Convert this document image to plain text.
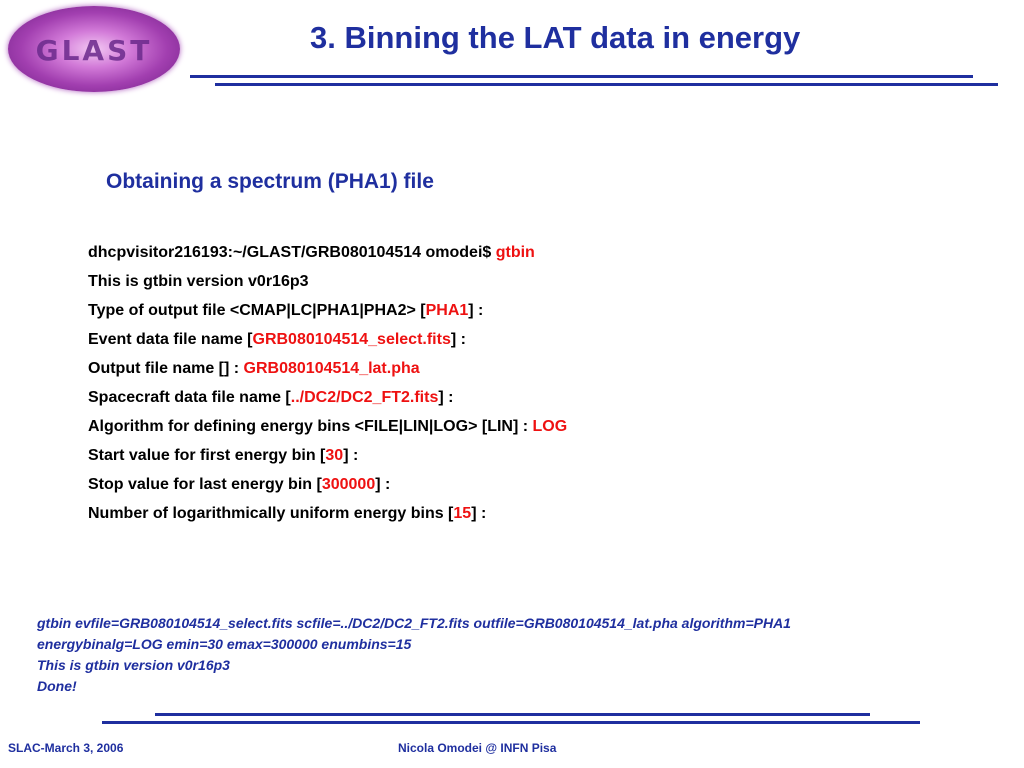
GLAST	3. Binning the LAT data in energy
Obtaining a spectrum (PHA1) file
dhcpvisitor216193:~/GLAST/GRB080104514 omodei$ gtbin
This is gtbin version v0r16p3
Type of output file <CMAP|LC|PHA1|PHA2> [PHA1] :
Event data file name [GRB080104514_select.fits] :
Output file name [] : GRB080104514_lat.pha
Spacecraft data file name [../DC2/DC2_FT2.fits] :
Algorithm for defining energy bins <FILE|LIN|LOG> [LIN] : LOG
Start value for first energy bin [30] :
Stop value for last energy bin [300000] :
Number of logarithmically uniform energy bins [15] :
gtbin evfile=GRB080104514_select.fits scfile=../DC2/DC2_FT2.fits outfile=GRB080104514_lat.pha algorithm=PHA1
energybinalg=LOG emin=30 emax=300000 enumbins=15
This is gtbin version v0r16p3
Done!
SLAC-March 3, 2006	Nicola Omodei @ INFN Pisa
